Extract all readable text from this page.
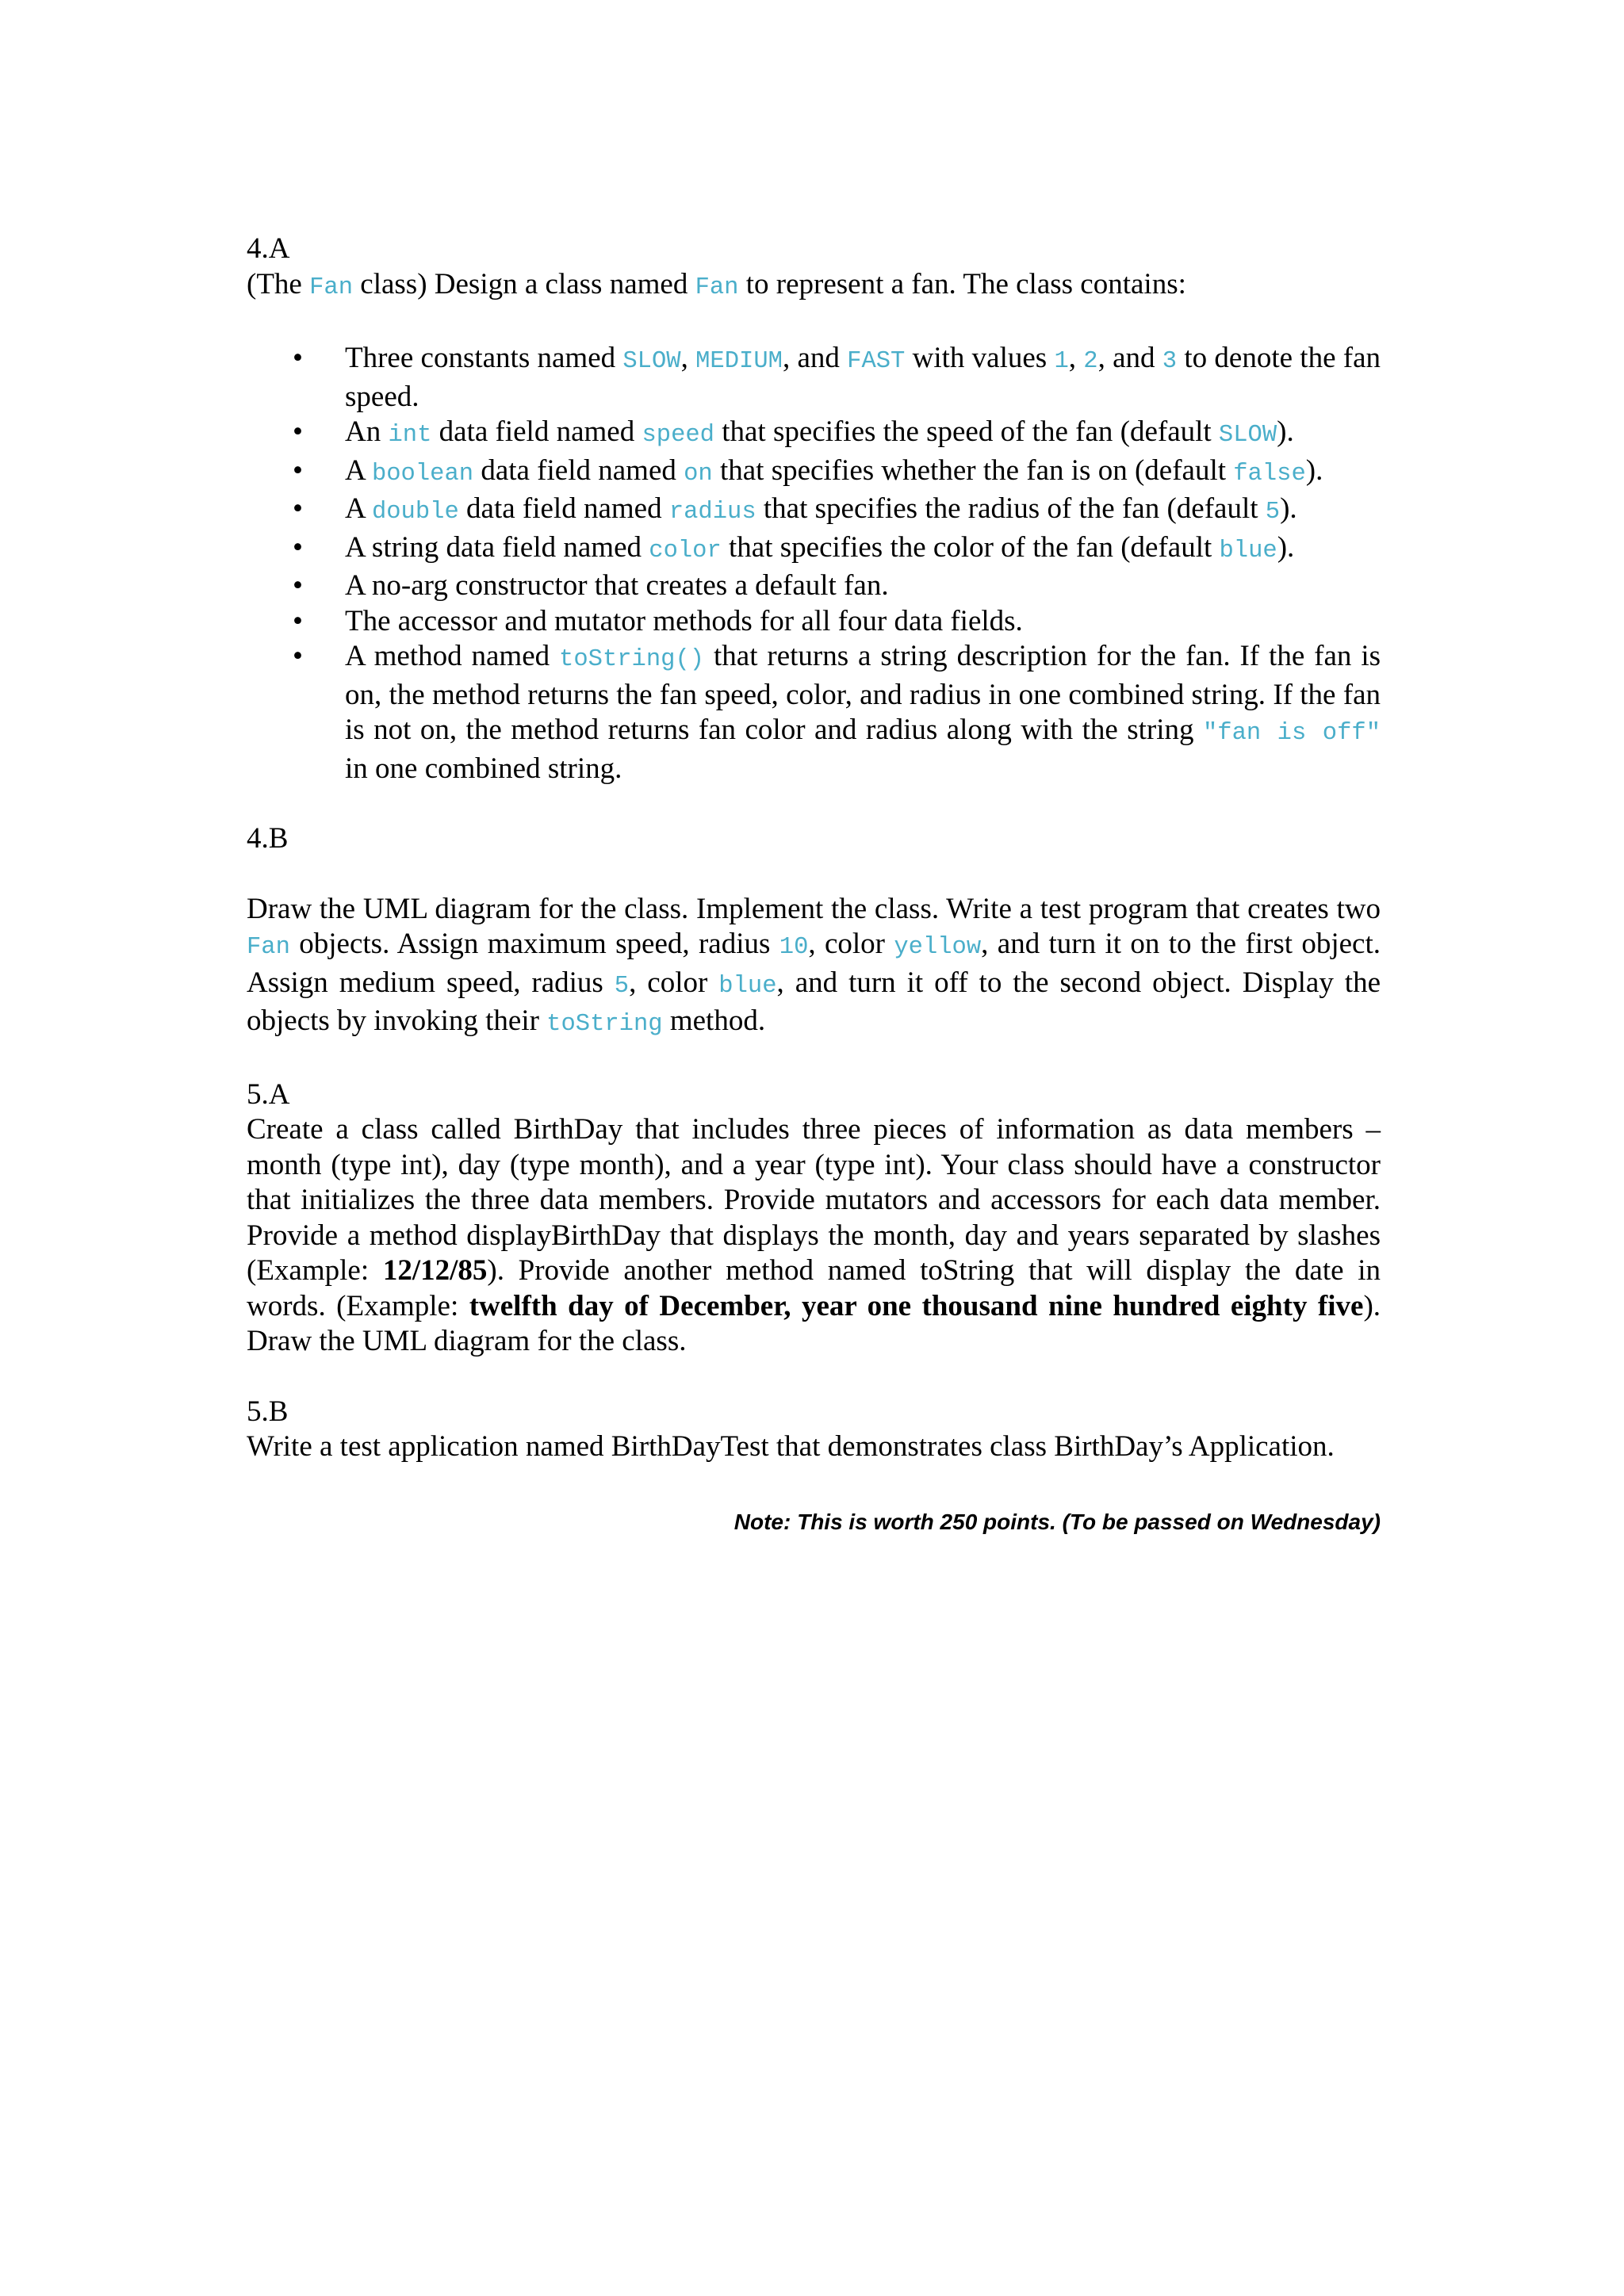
4.A

(The Fan class) Design a class named Fan to represent a fan. The class contains:

• Three constants named SLOW, MEDIUM, and FAST with values 1, 2, and 3 to denote the fan speed.
• An int data field named speed that specifies the speed of the fan (default SLOW).
• A boolean data field named on that specifies whether the fan is on (default false).
• A double data field named radius that specifies the radius of the fan (default 5).
• A string data field named color that specifies the color of the fan (default blue).
• A no-arg constructor that creates a default fan.
• The accessor and mutator methods for all four data fields.
• A method named toString() that returns a string description for the fan. If the fan is on, the method returns the fan speed, color, and radius in one combined string. If the fan is not on, the method returns fan color and radius along with the string "fan is off" in one combined string.

4.B

Draw the UML diagram for the class. Implement the class. Write a test program that creates two Fan objects. Assign maximum speed, radius 10, color yellow, and turn it on to the first object. Assign medium speed, radius 5, color blue, and turn it off to the second object. Display the objects by invoking their toString method.

5.A

Create a class called BirthDay that includes three pieces of information as data members – month (type int), day (type month), and a year (type int). Your class should have a constructor that initializes the three data members. Provide mutators and accessors for each data member. Provide a method displayBirthDay that displays the month, day and years separated by slashes (Example: 12/12/85). Provide another method named toString that will display the date in words. (Example: twelfth day of December, year one thousand nine hundred eighty five). Draw the UML diagram for the class.

5.B

Write a test application named BirthDayTest that demonstrates class BirthDay’s Application.

Note: This is worth 250 points. (To be passed on Wednesday)
